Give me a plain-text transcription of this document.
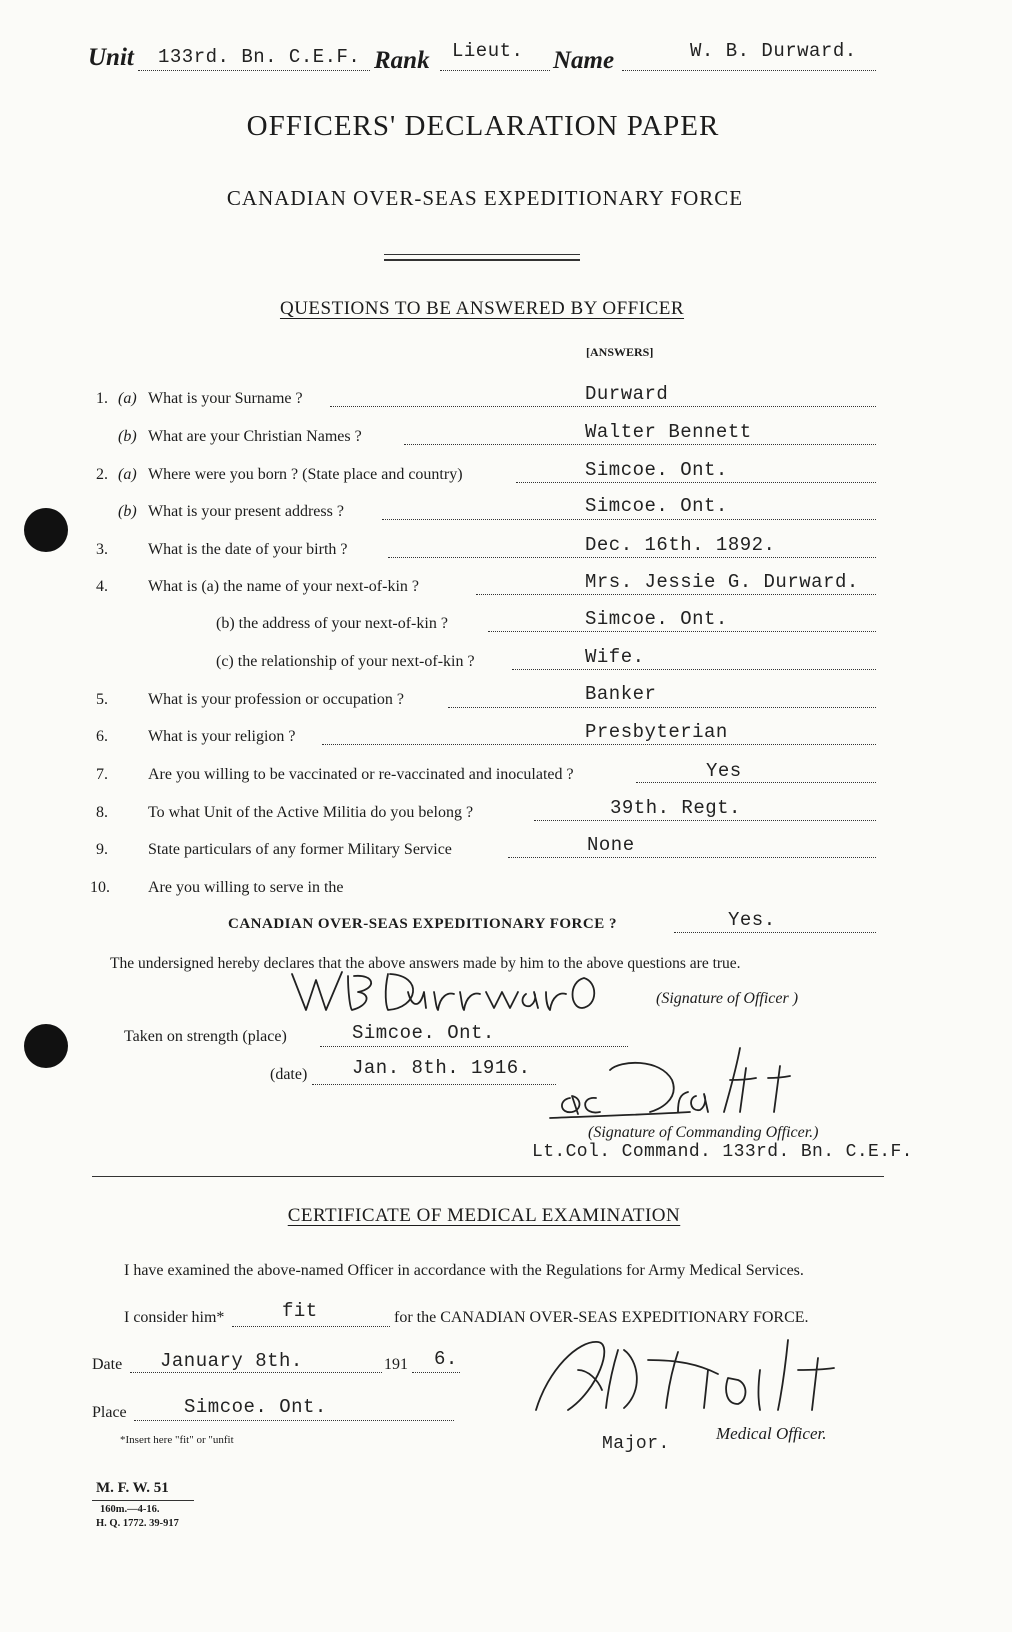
Unit 133rd. Bn. C.E.F. Rank Lieut. Name	W. B. Durward.
OFFICERS' DECLARATION PAPER
CANADIAN OVER-SEAS EXPEDITIONARY FORCE
QUESTIONS TO BE ANSWERED BY OFFICER
[ANSWERS]
1. (a) What is your Surname ?	Durward
(b) What are your Christian Names ?	Walter Bennett
2. (a) Where were you born ? (State place and country)	Simcoe. Ont.
(b) What is your present address ?	Simcoe. Ont.
3.	What is the date of your birth ?	Dec. 16th. 1892.
4.	What is (a) the name of your next-of-kin ?	Mrs. Jessie G. Durward.
(b) the address of your next-of-kin ?	Simcoe. Ont.
(c) the relationship of your next-of-kin ?	Wife.
5.	What is your profession or occupation ?	Banker
6.	What is your religion ?	Presbyterian
7.	Are you willing to be vaccinated or re-vaccinated and inoculated ?	Yes
8.	To what Unit of the Active Militia do you belong ?	39th. Regt.
9.	State particulars of any former Military Service	None
10. Are you willing to serve in the
CANADIAN OVER-SEAS EXPEDITIONARY FORCE ?	Yes.
The undersigned hereby declares that the above answers made by him to the above questions are true.
(Signature of Officer )
Taken on strength (place)	Simcoe. Ont.
(date) Jan. 8th. 1916.
(Signature of Commanding Officer.)
Lt.Col. Command. 133rd. Bn. C.E.F.
CERTIFICATE OF MEDICAL EXAMINATION
I have examined the above-named Officer in accordance with the Regulations for Army Medical Services.
I consider him*	fit	for the CANADIAN OVER-SEAS EXPEDITIONARY FORCE.
Date January 8th.	191 6.
Place	Simcoe. Ont.
*Insert here "fit" or "unfit	Major.
Medical Officer.
M. F. W. 51
160m.—4-16.
H. Q. 1772. 39-917
